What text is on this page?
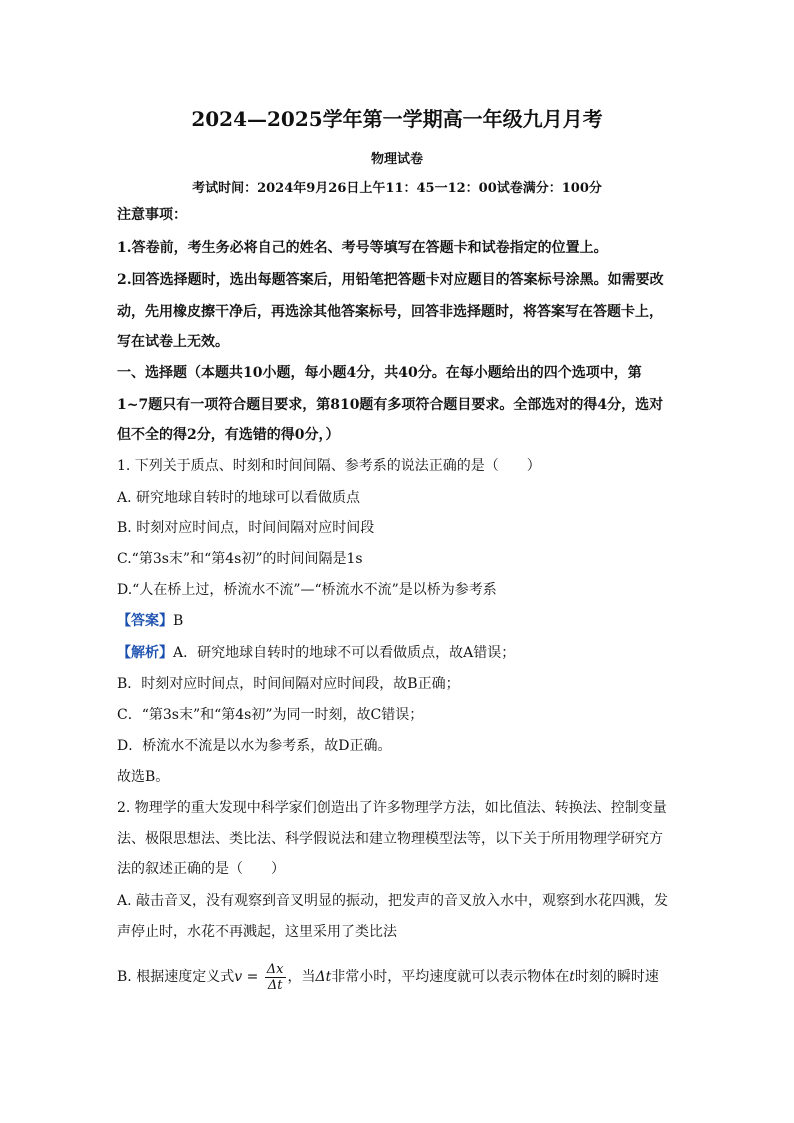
2024—2025学年第一学期高一年级九月月考
物理试卷
考试时间：2024年9月26日上午11：45一12：00试卷满分：100分
注意事项：
1.答卷前，考生务必将自己的姓名、考号等填写在答题卡和试卷指定的位置上。
2.回答选择题时，选出每题答案后，用铅笔把答题卡对应题目的答案标号涂黑。如需要改
动，先用橡皮擦干净后，再选涂其他答案标号，回答非选择题时，将答案写在答题卡上，
写在试卷上无效。
一、选择题（本题共10小题，每小题4分，共40分。在每小题给出的四个选项中，第
1~7题只有一项符合题目要求，第810题有多项符合题目要求。全部选对的得4分，选对
但不全的得2分，有选错的得0分，）
1. 下列关于质点、时刻和时间间隔、参考系的说法正确的是（　　）
A. 研究地球自转时的地球可以看做质点
B. 时刻对应时间点，时间间隔对应时间段
C.“第3s末”和“第4s初”的时间间隔是1s
D.“人在桥上过，桥流水不流”—“桥流水不流”是以桥为参考系
【答案】B
【解析】A．研究地球自转时的地球不可以看做质点，故A错误；
B．时刻对应时间点，时间间隔对应时间段，故B正确；
C．“第3s末”和“第4s初”为同一时刻，故C错误；
D．桥流水不流是以水为参考系，故D正确。
故选B。
2. 物理学的重大发现中科学家们创造出了许多物理学方法，如比值法、转换法、控制变量
法、极限思想法、类比法、科学假说法和建立物理模型法等，以下关于所用物理学研究方
法的叙述正确的是（　　）
A. 敲击音叉，没有观察到音叉明显的振动，把发声的音叉放入水中，观察到水花四溅，发
声停止时，水花不再溅起，这里采用了类比法
B. 根据速度定义式$v = \frac{\Delta x}{\Delta t}$ ，当Δt非常小时，平均速度就可以表示物体在t时刻的瞬时速
